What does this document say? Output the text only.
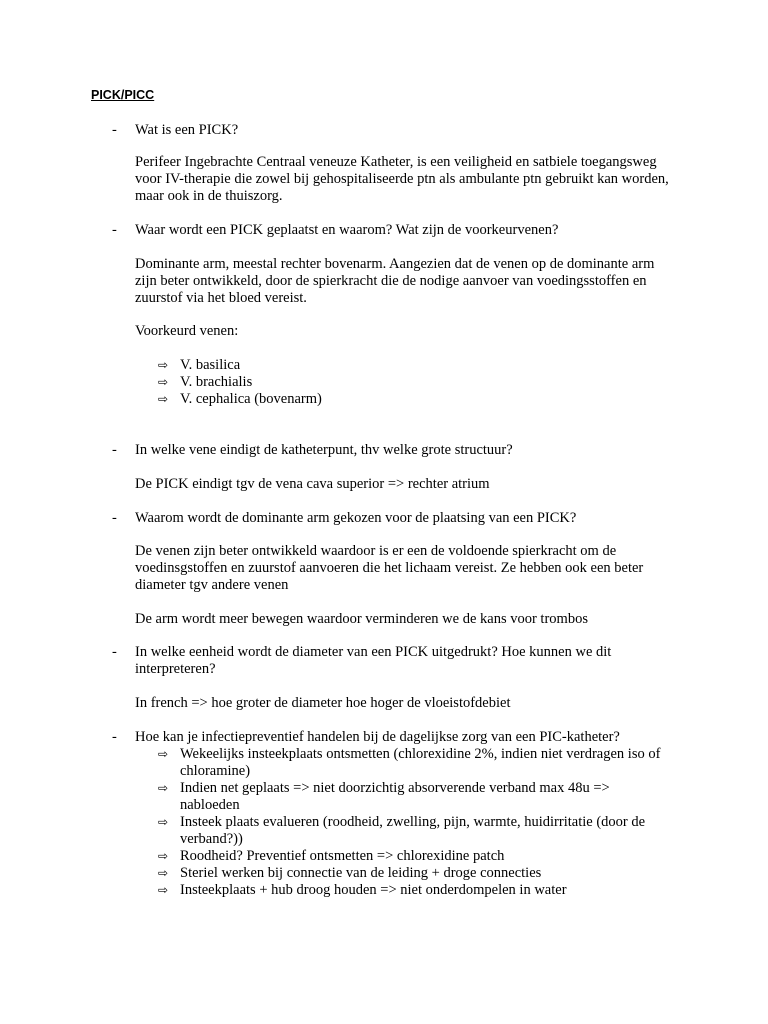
PICK/PICC
- Wat is een PICK?
Perifeer Ingebrachte Centraal veneuze Katheter, is een veiligheid en satbiele toegangsweg voor IV-therapie die zowel bij gehospitaliseerde ptn als ambulante ptn gebruikt kan worden, maar ook in de thuiszorg.
- Waar wordt een PICK geplaatst en waarom? Wat zijn de voorkeurvenen?
Dominante arm, meestal rechter bovenarm. Aangezien dat de venen op de dominante arm zijn beter ontwikkeld, door de spierkracht die de nodige aanvoer van voedingsstoffen en zuurstof via het bloed vereist.
Voorkeurd venen:
⇨ V. basilica
⇨ V. brachialis
⇨ V. cephalica (bovenarm)
- In welke vene eindigt de katheterpunt, thv welke grote structuur?
De PICK eindigt tgv de vena cava superior => rechter atrium
- Waarom wordt de dominante arm gekozen voor de plaatsing van een PICK?
De venen zijn beter ontwikkeld waardoor is er een de voldoende spierkracht om de voedinsgstoffen en zuurstof aanvoeren die het lichaam vereist. Ze hebben ook een beter diameter tgv andere venen
De arm wordt meer bewegen waardoor verminderen we de kans voor trombos
- In welke eenheid wordt de diameter van een PICK uitgedrukt? Hoe kunnen we dit interpreteren?
In french => hoe groter de diameter hoe hoger de vloeistofdebiet
- Hoe kan je infectiepreventief handelen bij de dagelijkse zorg van een PIC-katheter?
⇨ Wekeelijks insteekplaats ontsmetten (chlorexidine 2%, indien niet verdragen iso of chloramine)
⇨ Indien net geplaats => niet doorzichtig absorverende verband max 48u => nabloeden
⇨ Insteek plaats evalueren (roodheid, zwelling, pijn, warmte, huidirritatie (door de verband?))
⇨ Roodheid? Preventief ontsmetten => chlorexidine patch
⇨ Steriel werken bij connectie van de leiding + droge connecties
⇨ Insteekplaats + hub droog houden => niet onderdompelen in water
